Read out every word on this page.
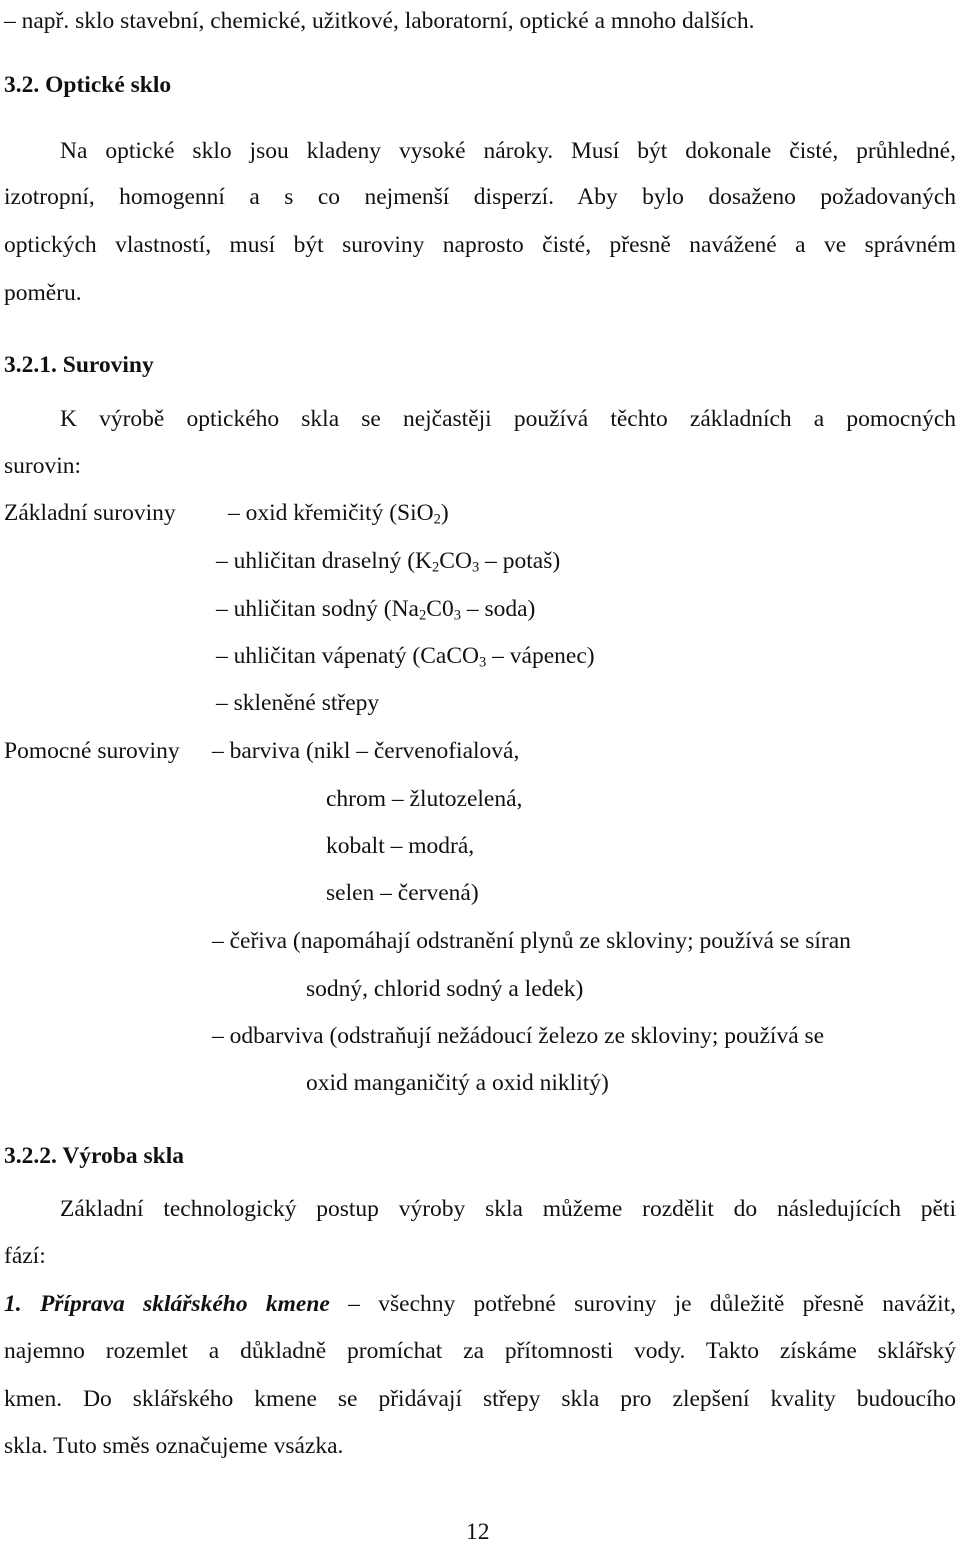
– např. sklo stavební, chemické, užitkové, laboratorní, optické a mnoho dalších.
3.2. Optické sklo
Na optické sklo jsou kladeny vysoké nároky. Musí být dokonale čisté, průhledné,
izotropní, homogenní a s co nejmenší disperzí. Aby bylo dosaženo požadovaných
optických vlastností, musí být suroviny naprosto čisté, přesně navážené a ve správném
poměru.
3.2.1. Suroviny
K výrobě optického skla se nejčastěji používá těchto základních a pomocných
surovin:
Základní suroviny – oxid křemičitý (SiO$_2$)
– uhličitan draselný ($K_2CO_3$ – potaš)
– uhličitan sodný ($Na_2C0_3$ – soda)
– uhličitan vápenatý (CaCO$_3$ – vápenec)
– skleněné střepy
Pomocné suroviny – barviva (nikl – červenofialová,
chrom – žlutozelená,
kobalt – modrá,
selen – červená)
– čeřiva (napomáhají odstranění plynů ze skloviny; používá se síran
sodný, chlorid sodný a ledek)
– odbarviva (odstraňují nežádoucí železo ze skloviny; používá se
oxid manganičitý a oxid niklitý)
3.2.2. Výroba skla
Základní technologický postup výroby skla můžeme rozdělit do následujících pěti
fází:
1. Příprava sklářského kmene – všechny potřebné suroviny je důležitě přesně navážit,
najemno rozemlet a důkladně promíchat za přítomnosti vody. Takto získáme sklářský
kmen. Do sklářského kmene se přidávají střepy skla pro zlepšení kvality budoucího
skla. Tuto směs označujeme vsázka.
12
